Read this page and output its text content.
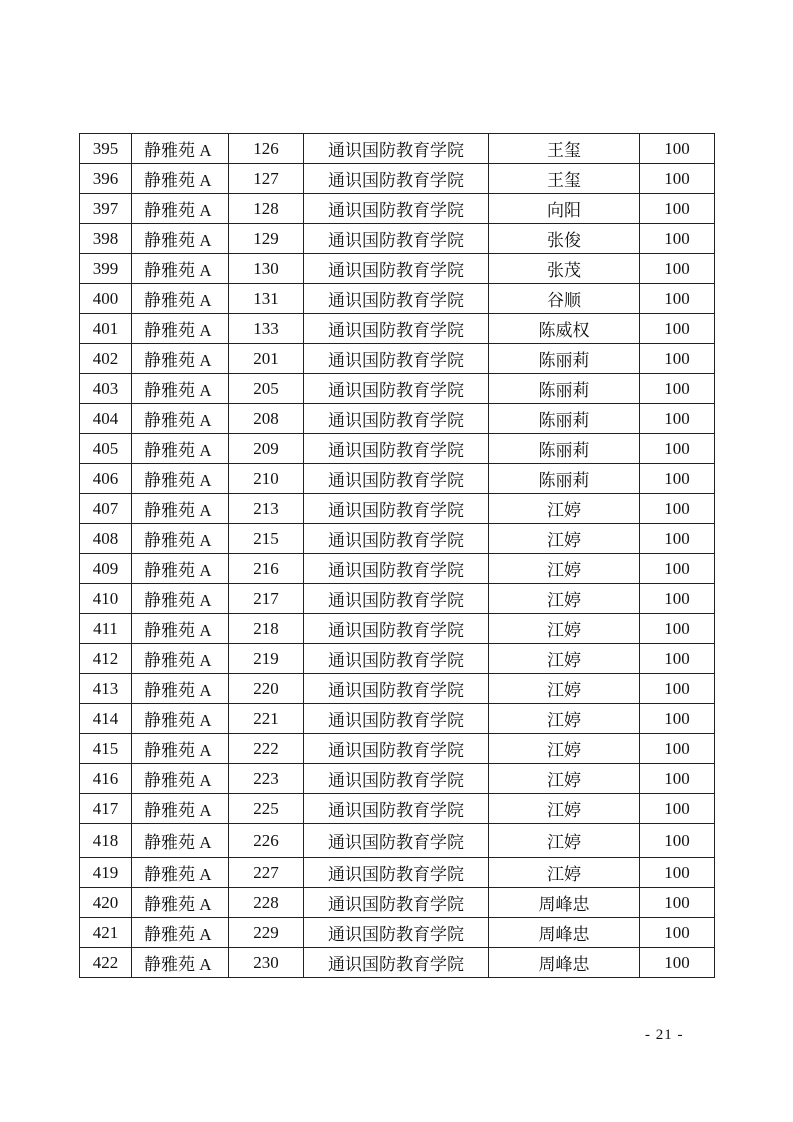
395	静雅苑 A	126	通识国防教育学院	王玺	100
396	静雅苑 A	127	通识国防教育学院	王玺	100
397	静雅苑 A	128	通识国防教育学院	向阳	100
398	静雅苑 A	129	通识国防教育学院	张俊	100
399	静雅苑 A	130	通识国防教育学院	张茂	100
400	静雅苑 A	131	通识国防教育学院	谷顺	100
401	静雅苑 A	133	通识国防教育学院	陈威权	100
402	静雅苑 A	201	通识国防教育学院	陈丽莉	100
403	静雅苑 A	205	通识国防教育学院	陈丽莉	100
404	静雅苑 A	208	通识国防教育学院	陈丽莉	100
405	静雅苑 A	209	通识国防教育学院	陈丽莉	100
406	静雅苑 A	210	通识国防教育学院	陈丽莉	100
407	静雅苑 A	213	通识国防教育学院	江婷	100
408	静雅苑 A	215	通识国防教育学院	江婷	100
409	静雅苑 A	216	通识国防教育学院	江婷	100
410	静雅苑 A	217	通识国防教育学院	江婷	100
411	静雅苑 A	218	通识国防教育学院	江婷	100
412	静雅苑 A	219	通识国防教育学院	江婷	100
413	静雅苑 A	220	通识国防教育学院	江婷	100
414	静雅苑 A	221	通识国防教育学院	江婷	100
415	静雅苑 A	222	通识国防教育学院	江婷	100
416	静雅苑 A	223	通识国防教育学院	江婷	100
417	静雅苑 A	225	通识国防教育学院	江婷	100
418	静雅苑 A	226	通识国防教育学院	江婷	100
419	静雅苑 A	227	通识国防教育学院	江婷	100
420	静雅苑 A	228	通识国防教育学院	周峰忠	100
421	静雅苑 A	229	通识国防教育学院	周峰忠	100
422	静雅苑 A	230	通识国防教育学院	周峰忠	100
- 21 -
